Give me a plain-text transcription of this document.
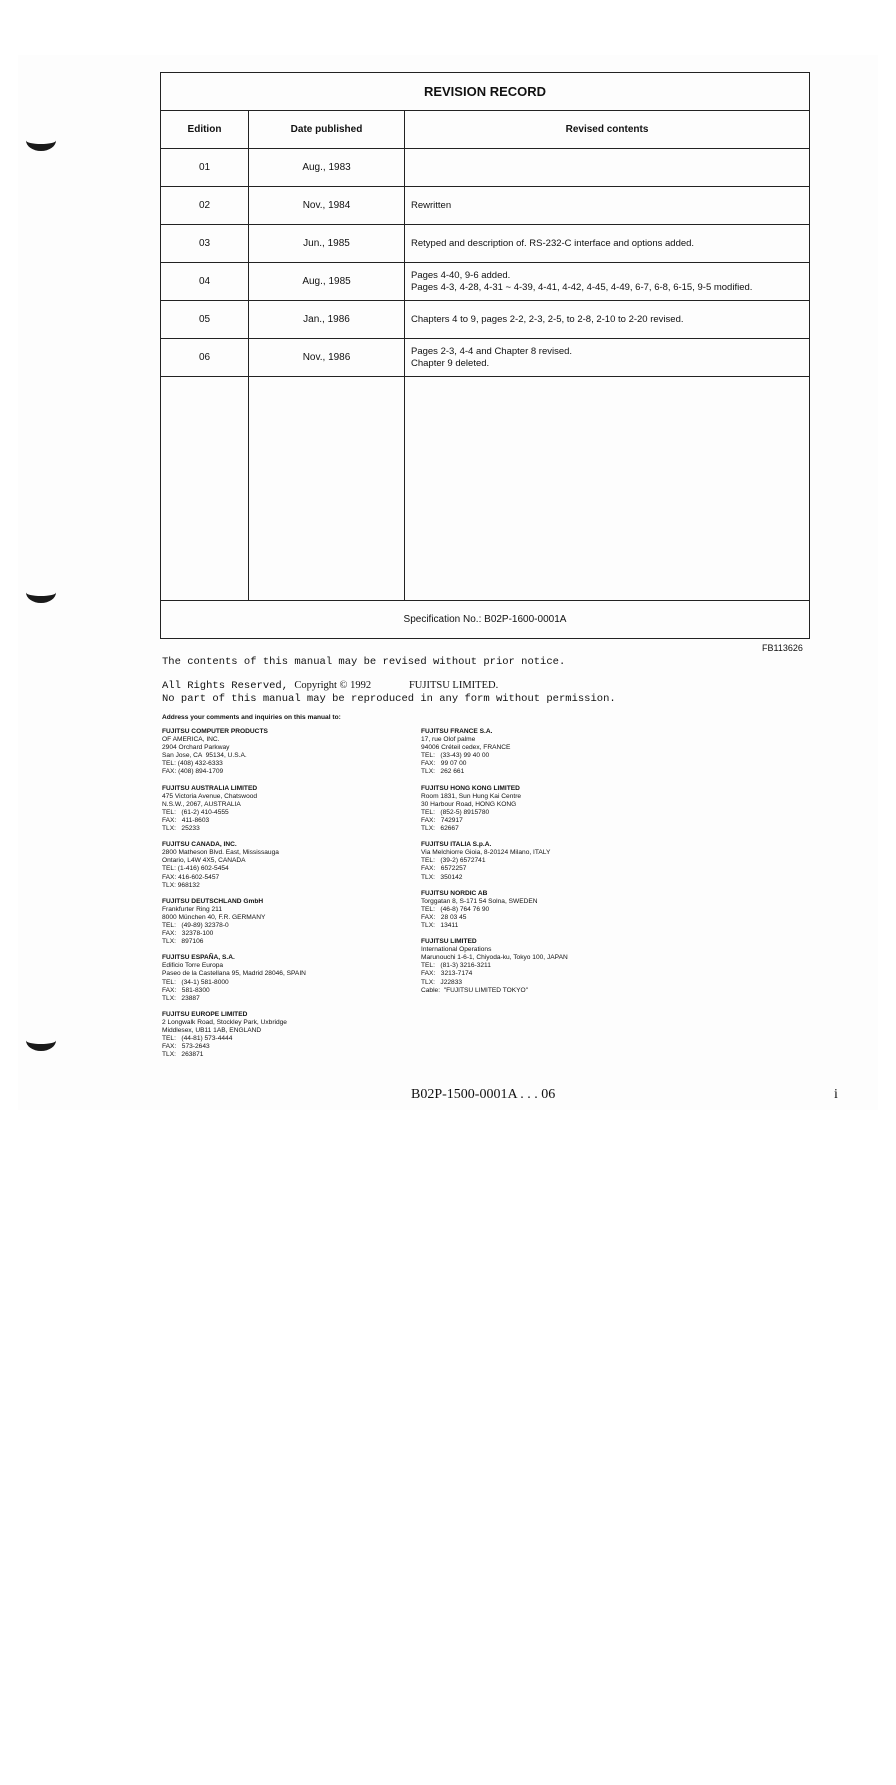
REVISION RECORD		
Edition	Date published	Revised contents
01	Aug., 1983	

02	Nov., 1984	Rewritten

03	Jun., 1985	Retyped and description of. RS-232-C interface and options added.

04	Aug., 1985	Pages 4-40, 9-6 added.
Pages 4-3, 4-28, 4-31 ~ 4-39, 4-41, 4-42, 4-45, 4-49, 6-7, 6-8, 6-15, 9-5 modified.

05	Jan., 1986	Chapters 4 to 9, pages 2-2, 2-3, 2-5, to 2-8, 2-10 to 2-20 revised.

06	Nov., 1986	Pages 2-3, 4-4 and Chapter 8 revised.
Chapter 9 deleted.

Specification No.: B02P-1600-0001A		
FB113626
The contents of this manual may be revised without prior notice.
All Rights Reserved, Copyright © 1992	FUJITSU LIMITED.
No part of this manual may be reproduced in any form without permission.
Address your comments and inquiries on this manual to:
FUJITSU COMPUTER PRODUCTS
OF AMERICA, INC.
2904 Orchard Parkway
San Jose, CA  95134, U.S.A.
TEL: (408) 432-6333
FAX: (408) 894-1709
FUJITSU AUSTRALIA LIMITED
475 Victoria Avenue, Chatswood
N.S.W., 2067, AUSTRALIA
TEL:   (61-2) 410-4555
FAX:   411-8603
TLX:   25233
FUJITSU CANADA, INC.
2800 Matheson Blvd. East, Mississauga
Ontario, L4W 4X5, CANADA
TEL: (1-416) 602-5454
FAX: 416-602-5457
TLX: 968132
FUJITSU DEUTSCHLAND GmbH
Frankfurter Ring 211
8000 München 40, F.R. GERMANY
TEL:   (49-89) 32378-0
FAX:   32378-100
TLX:   897106
FUJITSU ESPAÑA, S.A.
Edificio Torre Europa
Paseo de la Castellana 95, Madrid 28046, SPAIN
TEL:   (34-1) 581-8000
FAX:   581-8300
TLX:   23887
FUJITSU EUROPE LIMITED
2 Longwalk Road, Stockley Park, Uxbridge
Middlesex, UB11 1AB, ENGLAND
TEL:   (44-81) 573-4444
FAX:   573-2643
TLX:   263871
FUJITSU FRANCE S.A.
17, rue Olof palme
94006 Créteil cedex, FRANCE
TEL:   (33-43) 99 40 00
FAX:   99 07 00
TLX:   262 661
FUJITSU HONG KONG LIMITED
Room 1831, Sun Hung Kai Centre
30 Harbour Road, HONG KONG
TEL:   (852-5) 8915780
FAX:   742917
TLX:   62667
FUJITSU ITALIA S.p.A.
Via Melchiorre Gioia, 8-20124 Milano, ITALY
TEL:   (39-2) 6572741
FAX:   6572257
TLX:   350142
FUJITSU NORDIC AB
Torggatan 8, S-171 54 Solna, SWEDEN
TEL:   (46-8) 764 76 90
FAX:   28 03 45
TLX:   13411
FUJITSU LIMITED
International Operations
Marunouchi 1-6-1, Chiyoda-ku, Tokyo 100, JAPAN
TEL:   (81-3) 3216-3211
FAX:   3213-7174
TLX:   J22833
Cable:  "FUJITSU LIMITED TOKYO"
B02P-1500-0001A . . . 06	i
